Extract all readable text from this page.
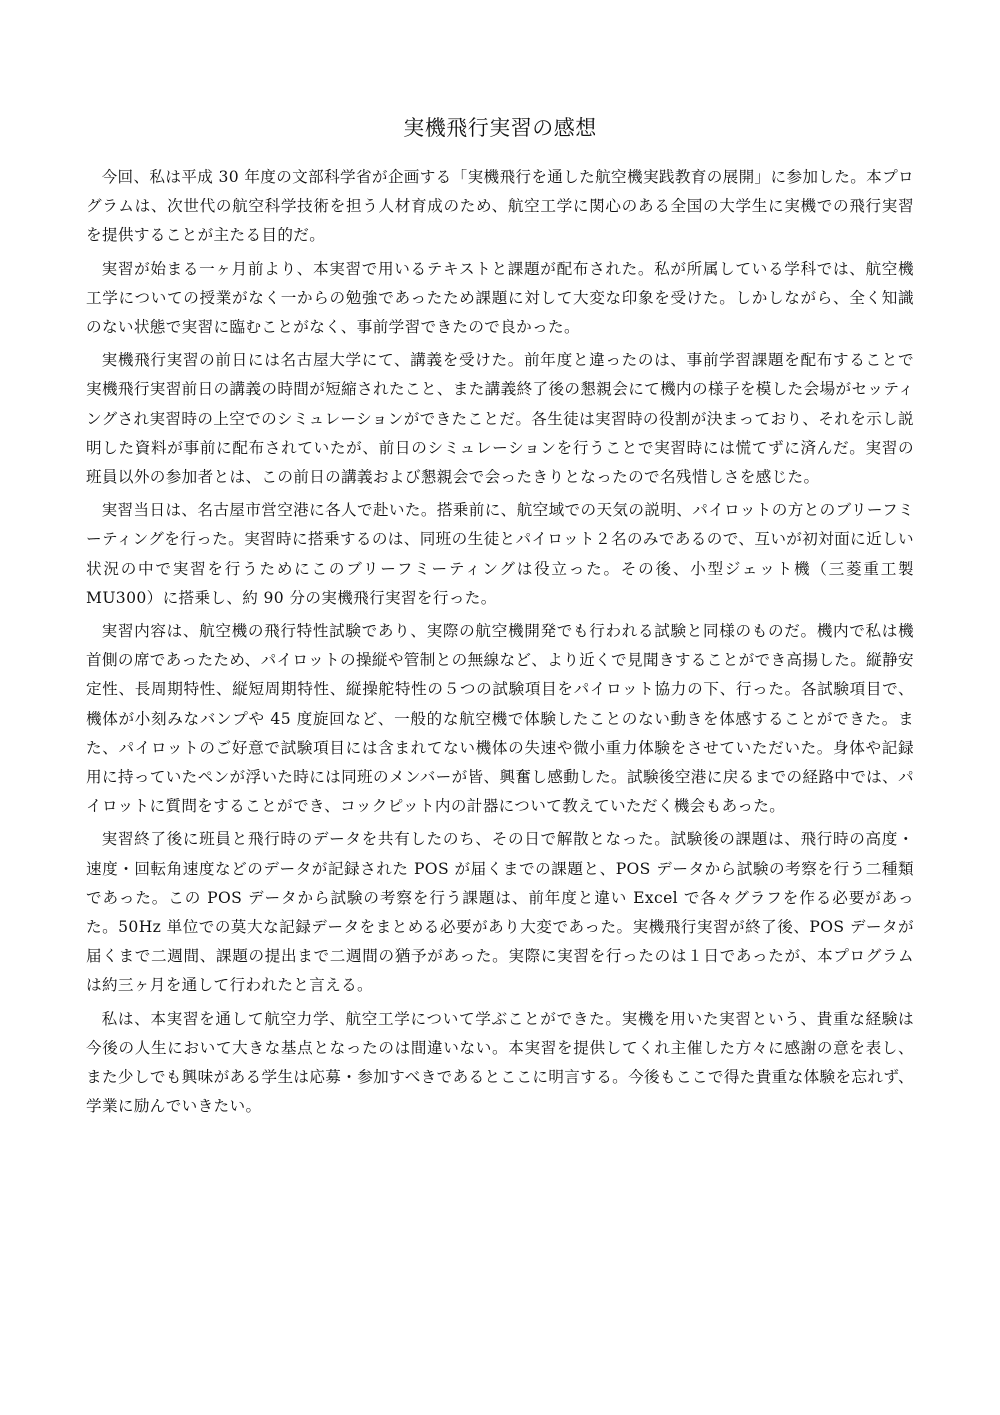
実機飛行実習の感想

今回、私は平成 30 年度の文部科学省が企画する「実機飛行を通した航空機実践教育の展開」に参加した。本プログラムは、次世代の航空科学技術を担う人材育成のため、航空工学に関心のある全国の大学生に実機での飛行実習を提供することが主たる目的だ。

実習が始まる一ヶ月前より、本実習で用いるテキストと課題が配布された。私が所属している学科では、航空機工学についての授業がなく一からの勉強であったため課題に対して大変な印象を受けた。しかしながら、全く知識のない状態で実習に臨むことがなく、事前学習できたので良かった。

実機飛行実習の前日には名古屋大学にて、講義を受けた。前年度と違ったのは、事前学習課題を配布することで実機飛行実習前日の講義の時間が短縮されたこと、また講義終了後の懇親会にて機内の様子を模した会場がセッティングされ実習時の上空でのシミュレーションができたことだ。各生徒は実習時の役割が決まっており、それを示し説明した資料が事前に配布されていたが、前日のシミュレーションを行うことで実習時には慌てずに済んだ。実習の班員以外の参加者とは、この前日の講義および懇親会で会ったきりとなったので名残惜しさを感じた。

実習当日は、名古屋市営空港に各人で赴いた。搭乗前に、航空域での天気の説明、パイロットの方とのブリーフミーティングを行った。実習時に搭乗するのは、同班の生徒とパイロット２名のみであるので、互いが初対面に近しい状況の中で実習を行うためにこのブリーフミーティングは役立った。その後、小型ジェット機（三菱重工製 MU300）に搭乗し、約 90 分の実機飛行実習を行った。

実習内容は、航空機の飛行特性試験であり、実際の航空機開発でも行われる試験と同様のものだ。機内で私は機首側の席であったため、パイロットの操縦や管制との無線など、より近くで見聞きすることができ高揚した。縦静安定性、長周期特性、縦短周期特性、縦操舵特性の５つの試験項目をパイロット協力の下、行った。各試験項目で、機体が小刻みなバンプや 45 度旋回など、一般的な航空機で体験したことのない動きを体感することができた。また、パイロットのご好意で試験項目には含まれてない機体の失速や微小重力体験をさせていただいた。身体や記録用に持っていたペンが浮いた時には同班のメンバーが皆、興奮し感動した。試験後空港に戻るまでの経路中では、パイロットに質問をすることができ、コックピット内の計器について教えていただく機会もあった。

実習終了後に班員と飛行時のデータを共有したのち、その日で解散となった。試験後の課題は、飛行時の高度・速度・回転角速度などのデータが記録された POS が届くまでの課題と、POS データから試験の考察を行う二種類であった。この POS データから試験の考察を行う課題は、前年度と違い Excel で各々グラフを作る必要があった。50Hz 単位での莫大な記録データをまとめる必要があり大変であった。実機飛行実習が終了後、POS データが届くまで二週間、課題の提出まで二週間の猶予があった。実際に実習を行ったのは１日であったが、本プログラムは約三ヶ月を通して行われたと言える。

私は、本実習を通して航空力学、航空工学について学ぶことができた。実機を用いた実習という、貴重な経験は今後の人生において大きな基点となったのは間違いない。本実習を提供してくれ主催した方々に感謝の意を表し、また少しでも興味がある学生は応募・参加すべきであるとここに明言する。今後もここで得た貴重な体験を忘れず、学業に励んでいきたい。
